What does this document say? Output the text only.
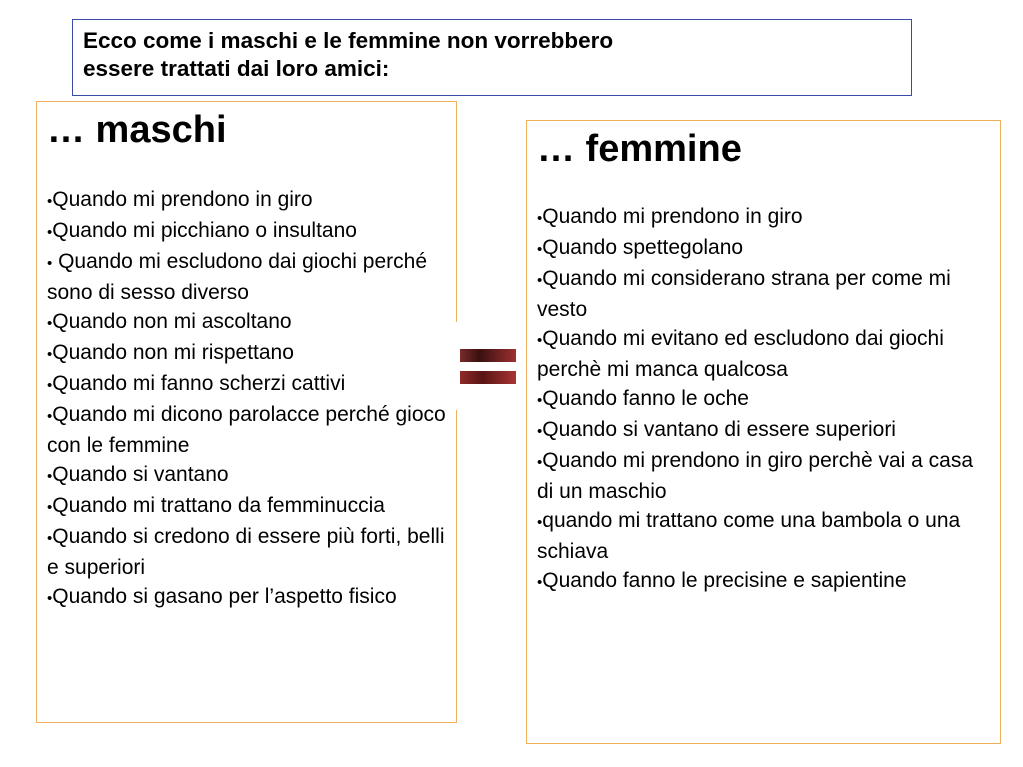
Ecco come i maschi e le femmine non vorrebbero
essere trattati dai loro amici:
… maschi
•Quando mi prendono in giro
•Quando mi picchiano o insultano
• Quando mi escludono dai giochi perché sono di sesso diverso
•Quando non mi ascoltano
•Quando non mi rispettano
•Quando mi fanno scherzi cattivi
•Quando mi dicono parolacce perché gioco con le femmine
•Quando si vantano
•Quando mi trattano da femminuccia
•Quando si credono di essere più forti, belli e superiori
•Quando si gasano per l’aspetto fisico
… femmine
•Quando mi prendono in giro
•Quando spettegolano
•Quando mi considerano strana per come mi vesto
•Quando mi evitano ed escludono dai giochi perchè mi manca qualcosa
•Quando fanno le oche
•Quando si vantano di essere superiori
•Quando mi prendono in giro perchè vai a casa di un maschio
•quando mi trattano come una bambola o una schiava
•Quando fanno le precisine e sapientine
